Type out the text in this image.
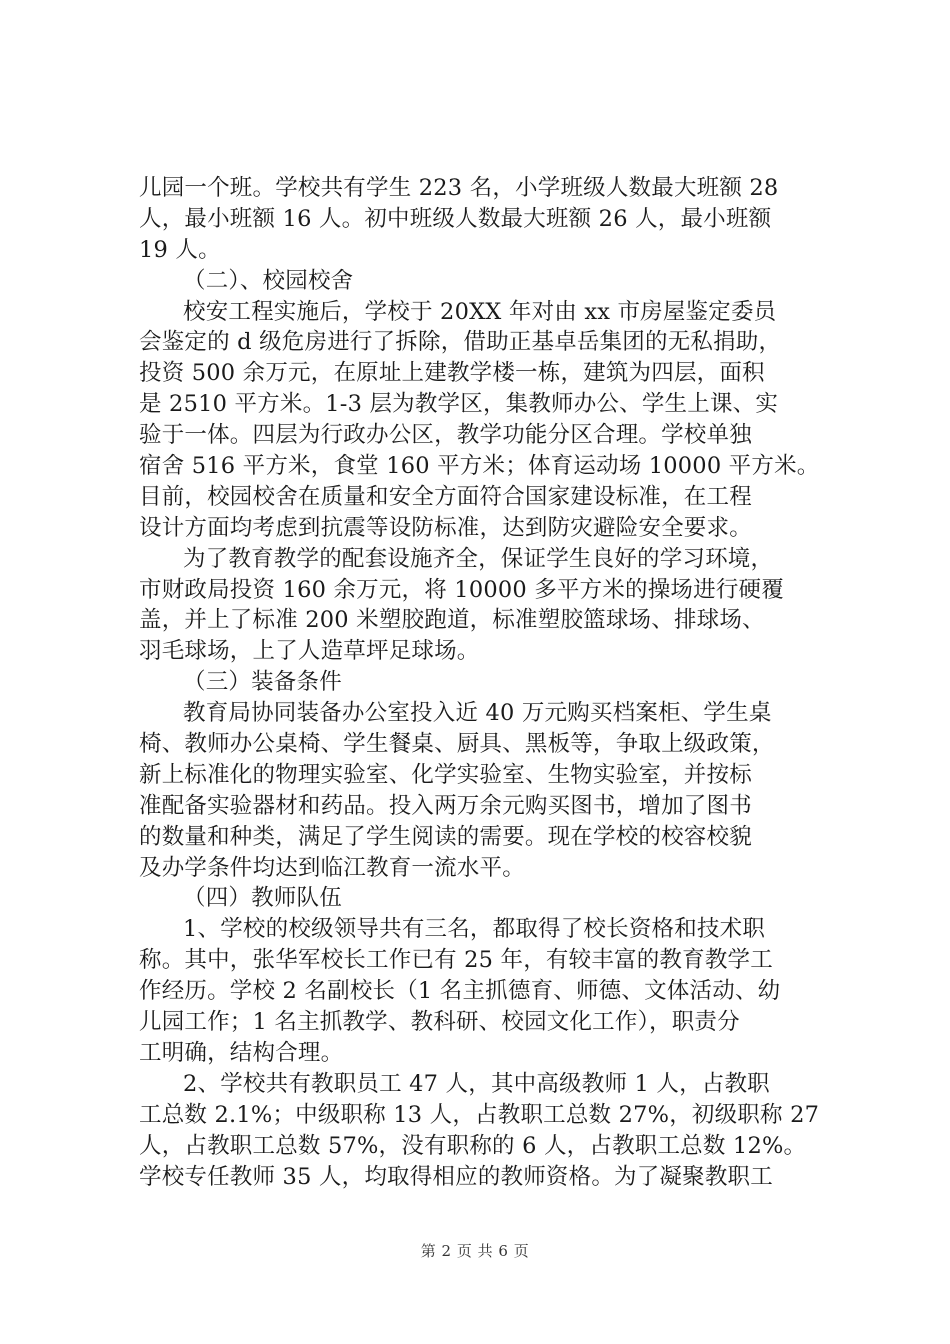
儿园一个班。学校共有学生 223 名，小学班级人数最大班额 28
人，最小班额 16 人。初中班级人数最大班额 26 人，最小班额
19 人。
（二）、校园校舍
校安工程实施后，学校于 20XX 年对由 xx 市房屋鉴定委员
会鉴定的 d 级危房进行了拆除，借助正基卓岳集团的无私捐助，
投资 500 余万元，在原址上建教学楼一栋，建筑为四层，面积
是 2510 平方米。1-3 层为教学区，集教师办公、学生上课、实
验于一体。四层为行政办公区，教学功能分区合理。学校单独
宿舍 516 平方米，食堂 160 平方米；体育运动场 10000 平方米。
目前，校园校舍在质量和安全方面符合国家建设标准，在工程
设计方面均考虑到抗震等设防标准，达到防灾避险安全要求。
为了教育教学的配套设施齐全，保证学生良好的学习环境，
市财政局投资 160 余万元，将 10000 多平方米的操场进行硬覆
盖，并上了标准 200 米塑胶跑道，标准塑胶篮球场、排球场、
羽毛球场，上了人造草坪足球场。
（三）装备条件
教育局协同装备办公室投入近 40 万元购买档案柜、学生桌
椅、教师办公桌椅、学生餐桌、厨具、黑板等，争取上级政策，
新上标准化的物理实验室、化学实验室、生物实验室，并按标
准配备实验器材和药品。投入两万余元购买图书，增加了图书
的数量和种类，满足了学生阅读的需要。现在学校的校容校貌
及办学条件均达到临江教育一流水平。
（四）教师队伍
1、学校的校级领导共有三名，都取得了校长资格和技术职
称。其中，张华军校长工作已有 25 年，有较丰富的教育教学工
作经历。学校 2 名副校长（1 名主抓德育、师德、文体活动、幼
儿园工作；1 名主抓教学、教科研、校园文化工作），职责分
工明确，结构合理。
2、学校共有教职员工 47 人，其中高级教师 1 人，占教职
工总数 2.1%；中级职称 13 人，占教职工总数 27%，初级职称 27
人，占教职工总数 57%，没有职称的 6 人，占教职工总数 12%。
学校专任教师 35 人，均取得相应的教师资格。为了凝聚教职工
第 2 页 共 6 页
